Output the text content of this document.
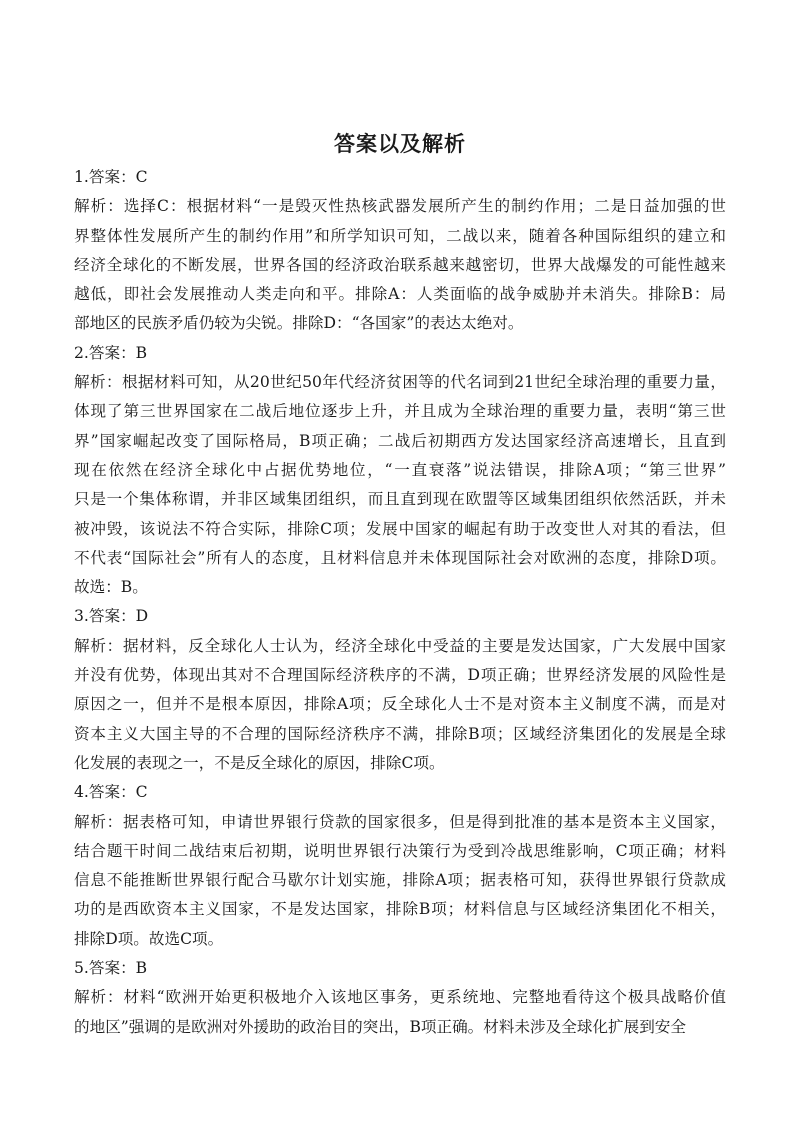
答案以及解析
1.答案：C
解析：选择C：根据材料“一是毁灭性热核武器发展所产生的制约作用；二是日益加强的世
界整体性发展所产生的制约作用”和所学知识可知，二战以来，随着各种国际组织的建立和
经济全球化的不断发展，世界各国的经济政治联系越来越密切，世界大战爆发的可能性越来
越低，即社会发展推动人类走向和平。排除A：人类面临的战争威胁并未消失。排除B：局
部地区的民族矛盾仍较为尖锐。排除D：“各国家”的表达太绝对。
2.答案：B
解析：根据材料可知，从20世纪50年代经济贫困等的代名词到21世纪全球治理的重要力量，
体现了第三世界国家在二战后地位逐步上升，并且成为全球治理的重要力量，表明“第三世
界”国家崛起改变了国际格局，B项正确；二战后初期西方发达国家经济高速增长，且直到
现在依然在经济全球化中占据优势地位，“一直衰落”说法错误，排除A项；“第三世界”
只是一个集体称谓，并非区域集团组织，而且直到现在欧盟等区域集团组织依然活跃，并未
被冲毁，该说法不符合实际，排除C项；发展中国家的崛起有助于改变世人对其的看法，但
不代表“国际社会”所有人的态度，且材料信息并未体现国际社会对欧洲的态度，排除D项。
故选：B。
3.答案：D
解析：据材料，反全球化人士认为，经济全球化中受益的主要是发达国家，广大发展中国家
并没有优势，体现出其对不合理国际经济秩序的不满，D项正确；世界经济发展的风险性是
原因之一，但并不是根本原因，排除A项；反全球化人士不是对资本主义制度不满，而是对
资本主义大国主导的不合理的国际经济秩序不满，排除B项；区域经济集团化的发展是全球
化发展的表现之一，不是反全球化的原因，排除C项。
4.答案：C
解析：据表格可知，申请世界银行贷款的国家很多，但是得到批准的基本是资本主义国家，
结合题干时间二战结束后初期，说明世界银行决策行为受到冷战思维影响，C项正确；材料
信息不能推断世界银行配合马歇尔计划实施，排除A项；据表格可知，获得世界银行贷款成
功的是西欧资本主义国家，不是发达国家，排除B项；材料信息与区域经济集团化不相关，
排除D项。故选C项。
5.答案：B
解析：材料“欧洲开始更积极地介入该地区事务，更系统地、完整地看待这个极具战略价值
的地区”强调的是欧洲对外援助的政治目的突出，B项正确。材料未涉及全球化扩展到安全
